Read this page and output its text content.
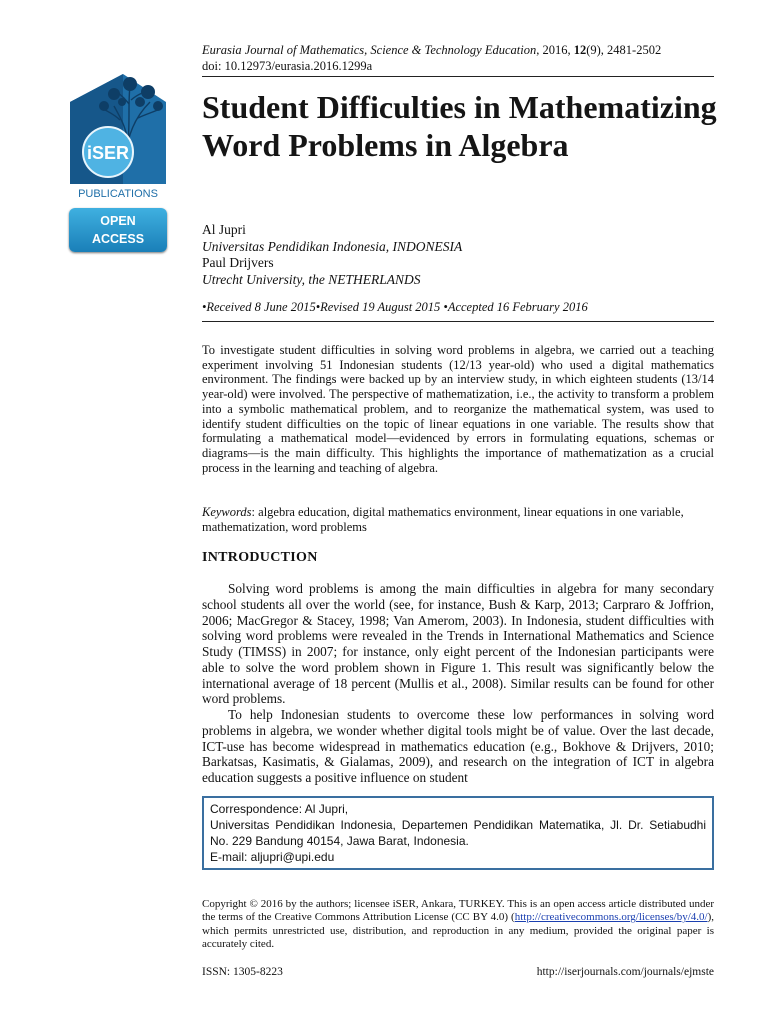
Eurasia Journal of Mathematics, Science & Technology Education, 2016, 12(9), 2481-2502
doi: 10.12973/eurasia.2016.1299a
iSER
PUBLICATIONS
OPEN
ACCESS
Student Difficulties in Mathematizing Word Problems in Algebra
Al Jupri
Universitas Pendidikan Indonesia, INDONESIA
Paul Drijvers
Utrecht University, the NETHERLANDS
•Received 8 June 2015•Revised 19 August 2015 •Accepted 16 February 2016
To investigate student difficulties in solving word problems in algebra, we carried out a teaching experiment involving 51 Indonesian students (12/13 year-old) who used a digital mathematics environment. The findings were backed up by an interview study, in which eighteen students (13/14 year-old) were involved. The perspective of mathematization, i.e., the activity to transform a problem into a symbolic mathematical problem, and to reorganize the mathematical system, was used to identify student difficulties on the topic of linear equations in one variable. The results show that formulating a mathematical model—evidenced by errors in formulating equations, schemas or diagrams—is the main difficulty. This highlights the importance of mathematization as a crucial process in the learning and teaching of algebra.
Keywords: algebra education, digital mathematics environment, linear equations in one variable, mathematization, word problems
INTRODUCTION

Solving word problems is among the main difficulties in algebra for many secondary school students all over the world (see, for instance, Bush & Karp, 2013; Carpraro & Joffrion, 2006; MacGregor & Stacey, 1998; Van Amerom, 2003). In Indonesia, student difficulties with solving word problems were revealed in the Trends in International Mathematics and Science Study (TIMSS) in 2007; for instance, only eight percent of the Indonesian participants were able to solve the word problem shown in Figure 1. This result was significantly below the international average of 18 percent (Mullis et al., 2008). Similar results can be found for other word problems.

To help Indonesian students to overcome these low performances in solving word problems in algebra, we wonder whether digital tools might be of value. Over the last decade, ICT-use has become widespread in mathematics education (e.g., Bokhove & Drijvers, 2010; Barkatsas, Kasimatis, & Gialamas, 2009), and research on the integration of ICT in algebra education suggests a positive influence on student

Correspondence: Al Jupri,
Universitas Pendidikan Indonesia, Departemen Pendidikan Matematika, Jl. Dr. Setiabudhi No. 229 Bandung 40154, Jawa Barat, Indonesia.
E-mail: aljupri@upi.edu
Copyright © 2016 by the authors; licensee iSER, Ankara, TURKEY. This is an open access article distributed under the terms of the Creative Commons Attribution License (CC BY 4.0) (http://creativecommons.org/licenses/by/4.0/), which permits unrestricted use, distribution, and reproduction in any medium, provided the original paper is accurately cited.
ISSN: 1305-8223	http://iserjournals.com/journals/ejmste
